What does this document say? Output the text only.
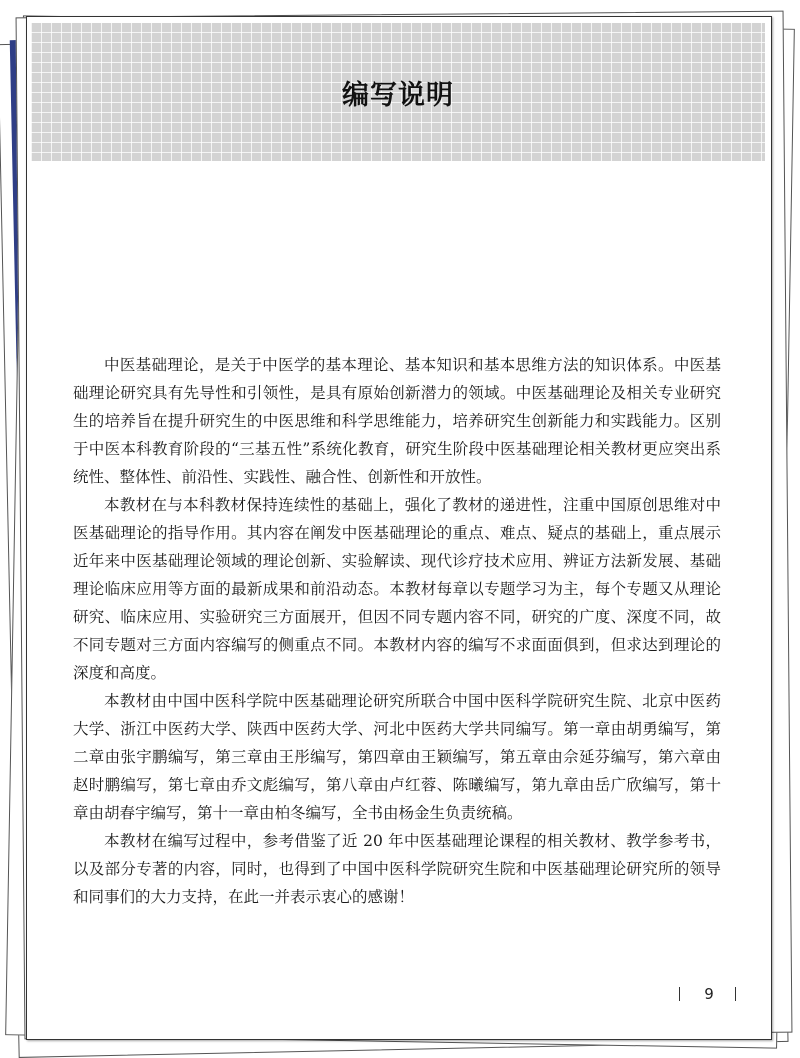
编写说明

中医基础理论，是关于中医学的基本理论、基本知识和基本思维方法的知识体系。中医基础理论研究具有先导性和引领性，是具有原始创新潜力的领域。中医基础理论及相关专业研究生的培养旨在提升研究生的中医思维和科学思维能力，培养研究生创新能力和实践能力。区别于中医本科教育阶段的“三基五性”系统化教育，研究生阶段中医基础理论相关教材更应突出系统性、整体性、前沿性、实践性、融合性、创新性和开放性。

本教材在与本科教材保持连续性的基础上，强化了教材的递进性，注重中国原创思维对中医基础理论的指导作用。其内容在阐发中医基础理论的重点、难点、疑点的基础上，重点展示近年来中医基础理论领域的理论创新、实验解读、现代诊疗技术应用、辨证方法新发展、基础理论临床应用等方面的最新成果和前沿动态。本教材每章以专题学习为主，每个专题又从理论研究、临床应用、实验研究三方面展开，但因不同专题内容不同，研究的广度、深度不同，故不同专题对三方面内容编写的侧重点不同。本教材内容的编写不求面面俱到，但求达到理论的深度和高度。

本教材由中国中医科学院中医基础理论研究所联合中国中医科学院研究生院、北京中医药大学、浙江中医药大学、陕西中医药大学、河北中医药大学共同编写。第一章由胡勇编写，第二章由张宇鹏编写，第三章由王彤编写，第四章由王颖编写，第五章由佘延芬编写，第六章由赵时鹏编写，第七章由乔文彪编写，第八章由卢红蓉、陈曦编写，第九章由岳广欣编写，第十章由胡春宇编写，第十一章由柏冬编写，全书由杨金生负责统稿。

本教材在编写过程中，参考借鉴了近 20 年中医基础理论课程的相关教材、教学参考书，以及部分专著的内容，同时，也得到了中国中医科学院研究生院和中医基础理论研究所的领导和同事们的大力支持，在此一并表示衷心的感谢！

9
